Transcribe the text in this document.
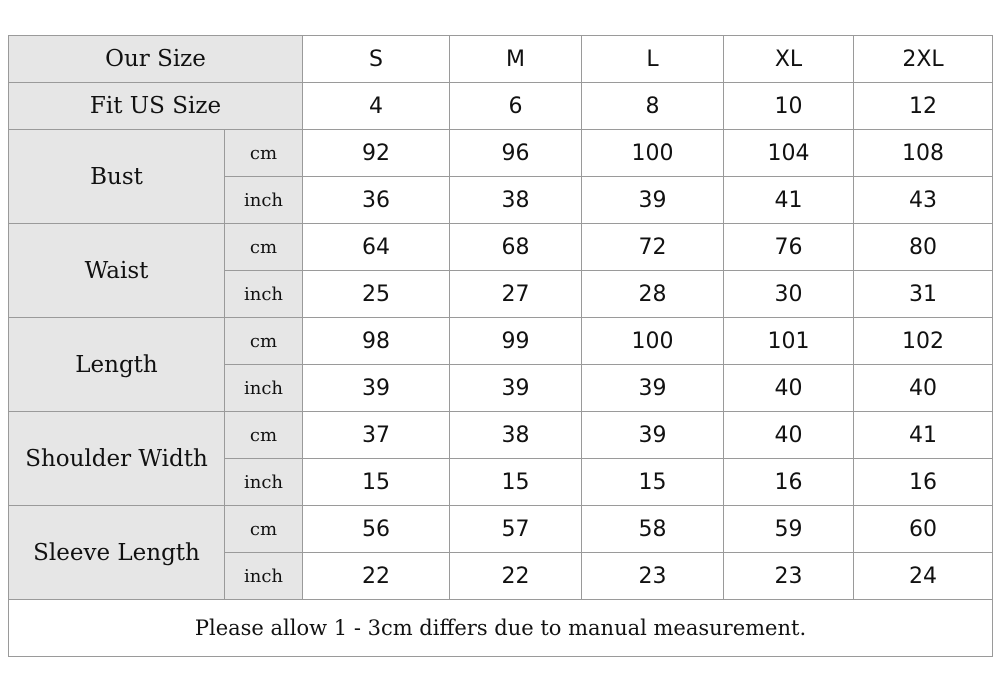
Our Size		S	M	L	XL	2XL
Fit US Size		4	6	8	10	12
Bust	cm	92	96	100	104	108
	inch	36	38	39	41	43
Waist	cm	64	68	72	76	80
	inch	25	27	28	30	31
Length	cm	98	99	100	101	102
	inch	39	39	39	40	40
Shoulder Width	cm	37	38	39	40	41
	inch	15	15	15	16	16
Sleeve Length	cm	56	57	58	59	60
	inch	22	22	23	23	24
Please allow 1 - 3cm differs due to manual measurement.						
